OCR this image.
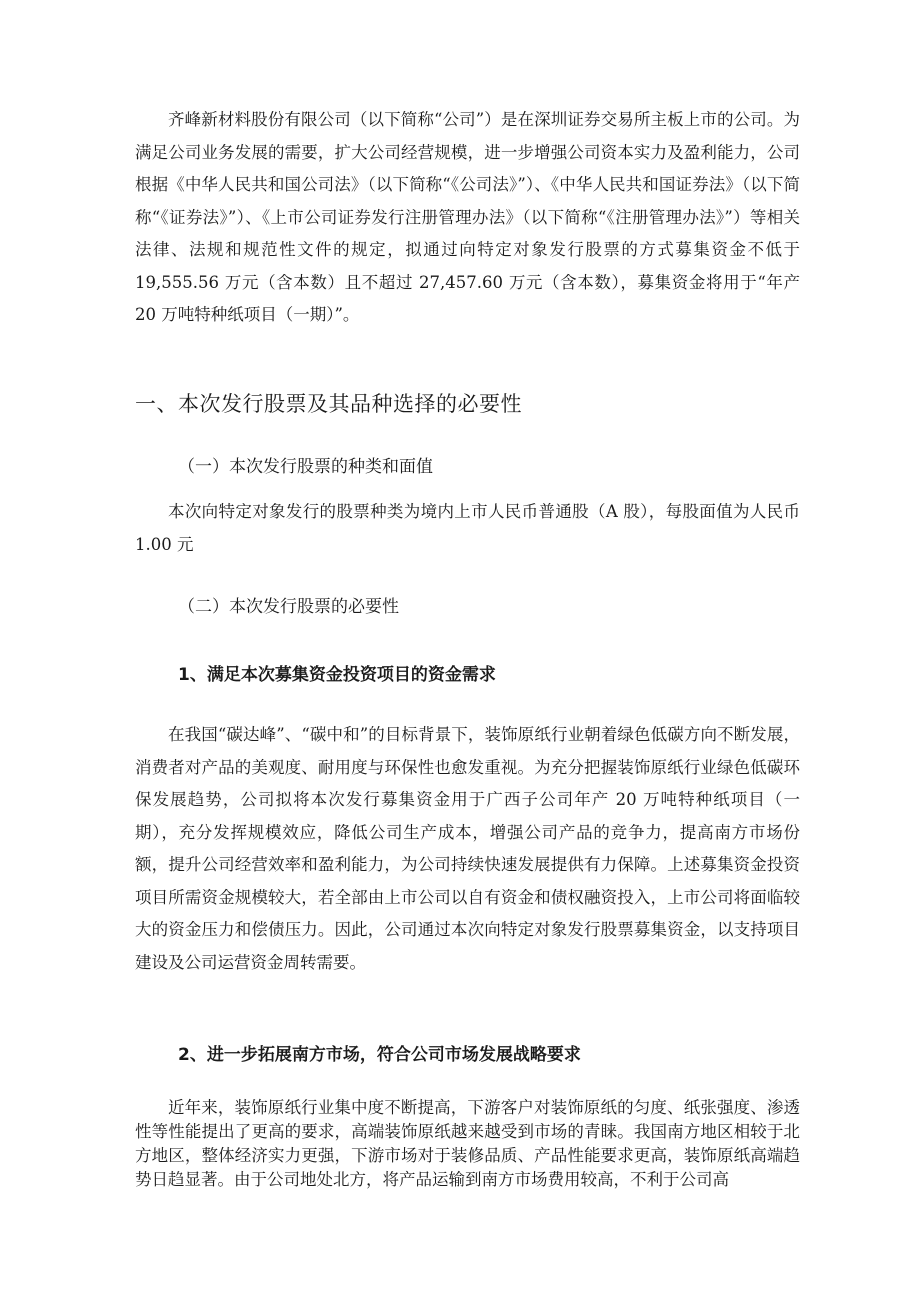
齐峰新材料股份有限公司（以下简称“公司”）是在深圳证券交易所主板上市的公司。为满足公司业务发展的需要，扩大公司经营规模，进一步增强公司资本实力及盈利能力，公司根据《中华人民共和国公司法》（以下简称“《公司法》”）、《中华人民共和国证券法》（以下简称“《证券法》”）、《上市公司证券发行注册管理办法》（以下简称“《注册管理办法》”）等相关法律、法规和规范性文件的规定，拟通过向特定对象发行股票的方式募集资金不低于 19,555.56 万元（含本数）且不超过 27,457.60 万元（含本数），募集资金将用于“年产 20 万吨特种纸项目（一期）”。

一、本次发行股票及其品种选择的必要性
（一）本次发行股票的种类和面值

本次向特定对象发行的股票种类为境内上市人民币普通股（A 股），每股面值为人民币 1.00 元

（二）本次发行股票的必要性
1、满足本次募集资金投资项目的资金需求

在我国“碳达峰”、“碳中和”的目标背景下，装饰原纸行业朝着绿色低碳方向不断发展，消费者对产品的美观度、耐用度与环保性也愈发重视。为充分把握装饰原纸行业绿色低碳环保发展趋势，公司拟将本次发行募集资金用于广西子公司年产 20 万吨特种纸项目（一期），充分发挥规模效应，降低公司生产成本，增强公司产品的竞争力，提高南方市场份额，提升公司经营效率和盈利能力，为公司持续快速发展提供有力保障。上述募集资金投资项目所需资金规模较大，若全部由上市公司以自有资金和债权融资投入，上市公司将面临较大的资金压力和偿债压力。因此，公司通过本次向特定对象发行股票募集资金，以支持项目建设及公司运营资金周转需要。

2、进一步拓展南方市场，符合公司市场发展战略要求

近年来，装饰原纸行业集中度不断提高，下游客户对装饰原纸的匀度、纸张强度、渗透性等性能提出了更高的要求，高端装饰原纸越来越受到市场的青睐。我国南方地区相较于北方地区，整体经济实力更强，下游市场对于装修品质、产品性能要求更高，装饰原纸高端趋势日趋显著。由于公司地处北方，将产品运输到南方市场费用较高，不利于公司高
